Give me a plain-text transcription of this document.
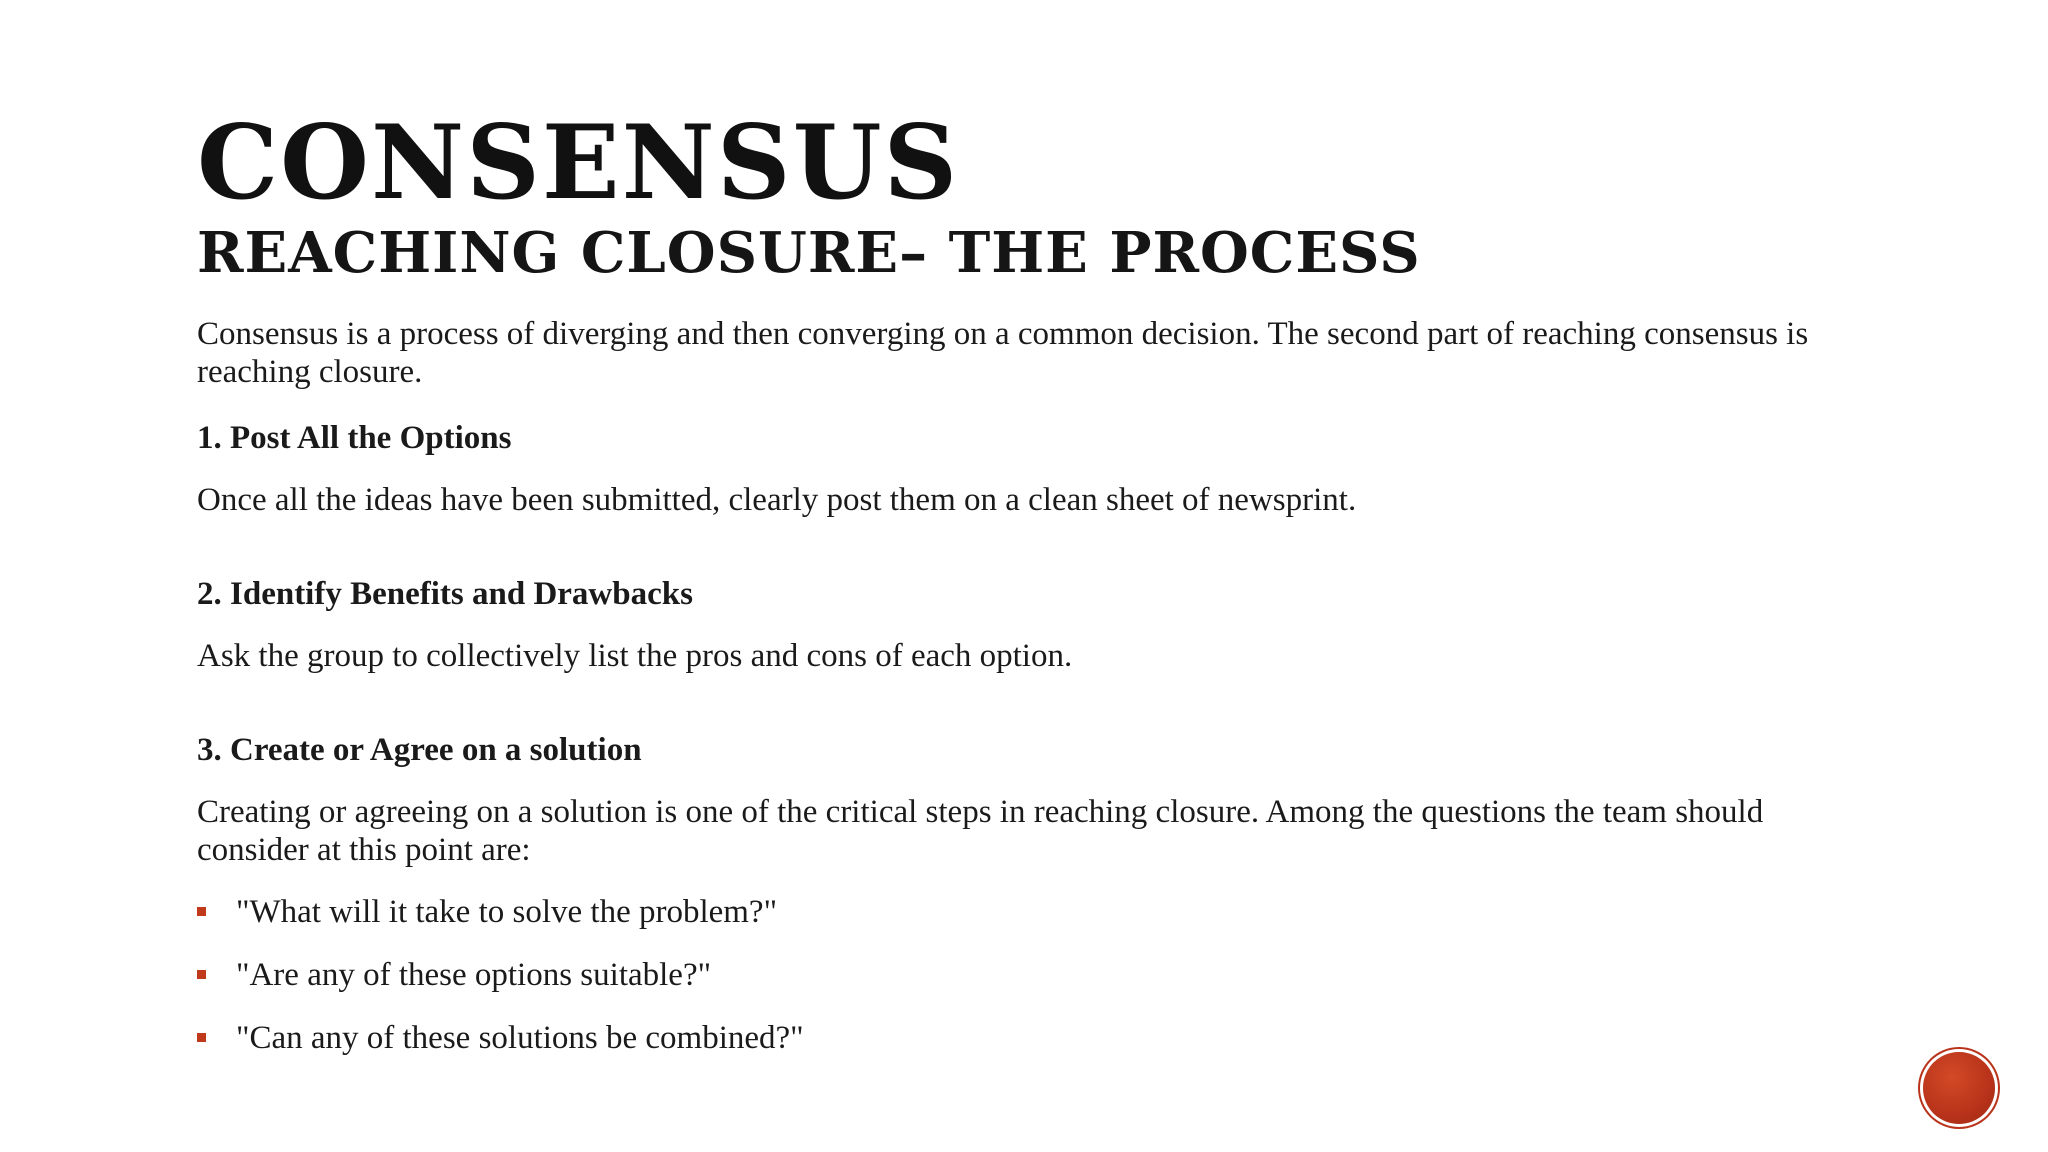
CONSENSUS
REACHING CLOSURE– THE PROCESS

Consensus is a process of diverging and then converging on a common decision. The second part of reaching consensus is reaching closure.

1. Post All the Options

Once all the ideas have been submitted, clearly post them on a clean sheet of newsprint.

2. Identify Benefits and Drawbacks

Ask the group to collectively list the pros and cons of each option.

3. Create or Agree on a solution

Creating or agreeing on a solution is one of the critical steps in reaching closure. Among the questions the team should consider at this point are:

"What will it take to solve the problem?"
"Are any of these options suitable?"
"Can any of these solutions be combined?"
